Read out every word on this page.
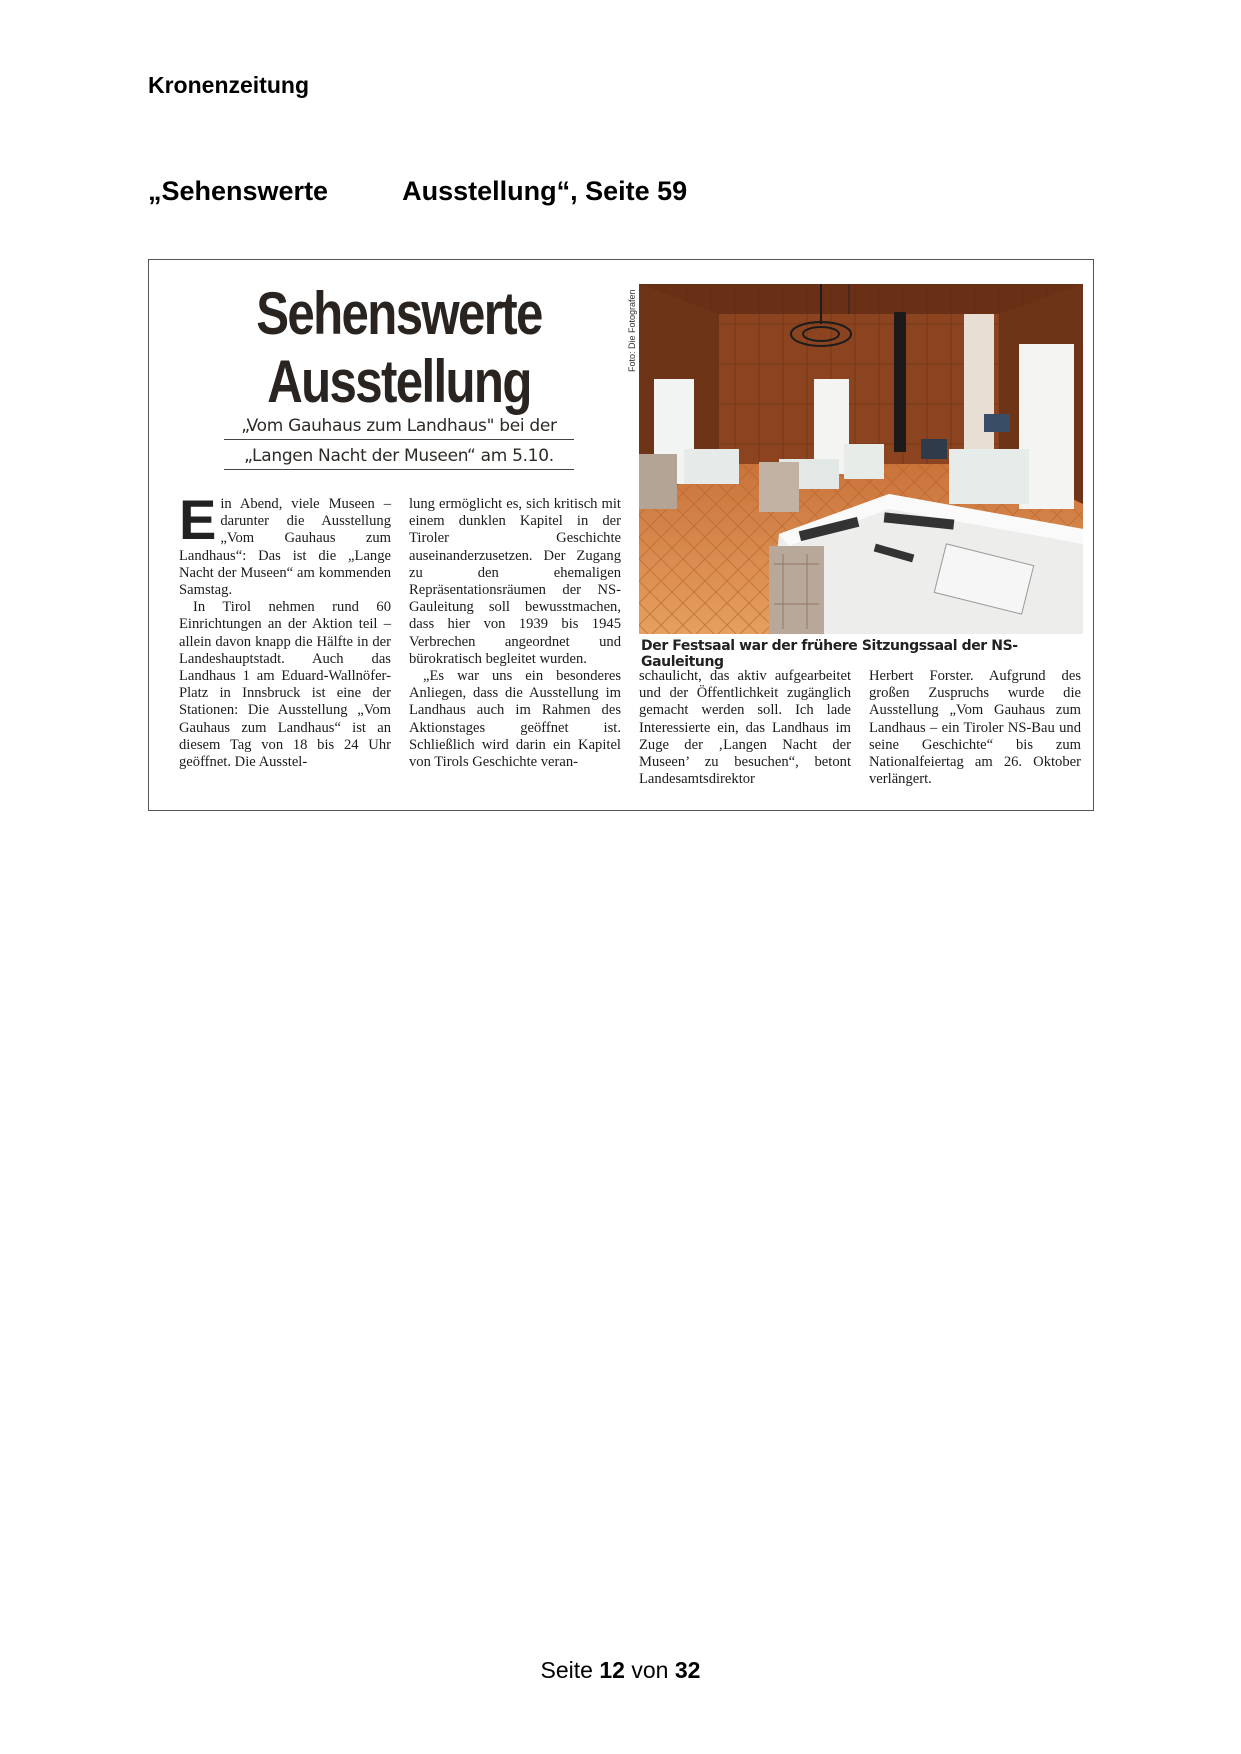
Kronenzeitung
„Sehenswerte          Ausstellung“, Seite 59
Sehenswerte
Ausstellung
„Vom Gauhaus zum Landhaus" bei der
„Langen Nacht der Museen“ am 5.10.
E in Abend, viele Museen – darunter die Ausstellung „Vom Gauhaus zum Landhaus“: Das ist die „Lange Nacht der Museen“ am kommenden Samstag.

In Tirol nehmen rund 60 Einrichtungen an der Aktion teil – allein davon knapp die Hälfte in der Landeshauptstadt. Auch das Landhaus 1 am Eduard-Wallnöfer-Platz in Innsbruck ist eine der Stationen: Die Ausstellung „Vom Gauhaus zum Landhaus“ ist an diesem Tag von 18 bis 24 Uhr geöffnet. Die Ausstel-

lung ermöglicht es, sich kritisch mit einem dunklen Kapitel in der Tiroler Geschichte auseinanderzusetzen. Der Zugang zu den ehemaligen Repräsentationsräumen der NS-Gauleitung soll bewusstmachen, dass hier von 1939 bis 1945 Verbrechen angeordnet und bürokratisch begleitet wurden.

„Es war uns ein besonderes Anliegen, dass die Ausstellung im Landhaus auch im Rahmen des Aktionstages geöffnet ist. Schließlich wird darin ein Kapitel von Tirols Geschichte veran-

schaulicht, das aktiv aufgearbeitet und der Öffentlichkeit zugänglich gemacht werden soll. Ich lade Interessierte ein, das Landhaus im Zuge der ‚Langen Nacht der Museen’ zu besuchen“, betont Landesamtsdirektor

Herbert Forster. Aufgrund des großen Zuspruchs wurde die Ausstellung „Vom Gauhaus zum Landhaus – ein Tiroler NS-Bau und seine Geschichte“ bis zum Nationalfeiertag am 26. Oktober verlängert.

Foto: Die Fotografen
Der Festsaal war der frühere Sitzungssaal der NS-Gauleitung
Seite 12 von 32
